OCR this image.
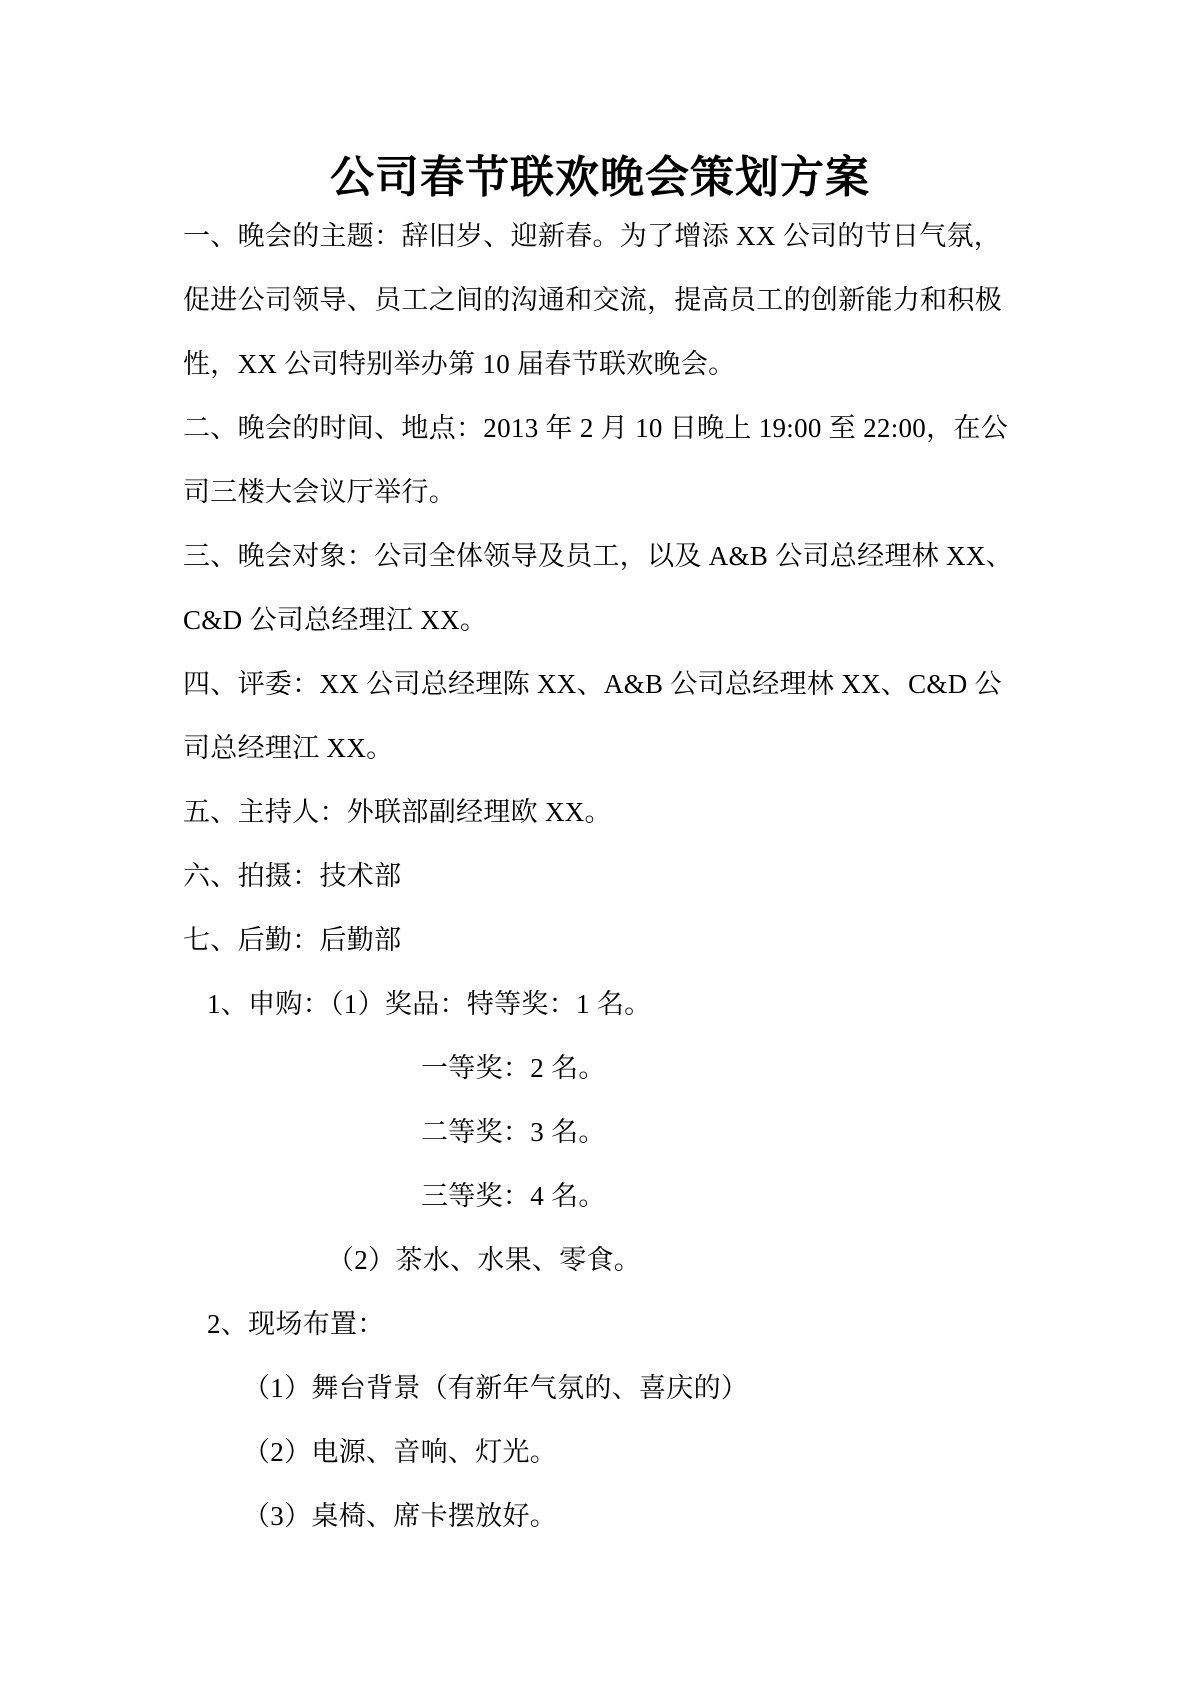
公司春节联欢晚会策划方案
一、晚会的主题：辞旧岁、迎新春。为了增添 XX 公司的节日气氛，
促进公司领导、员工之间的沟通和交流，提高员工的创新能力和积极
性，XX 公司特别举办第 10 届春节联欢晚会。
二、晚会的时间、地点：2013 年 2 月 10 日晚上 19:00 至 22:00，在公
司三楼大会议厅举行。
三、晚会对象：公司全体领导及员工，以及 A&B 公司总经理林 XX、
C&D 公司总经理江 XX。
四、评委：XX 公司总经理陈 XX、A&B 公司总经理林 XX、C&D 公
司总经理江 XX。
五、主持人：外联部副经理欧 XX。
六、拍摄：技术部
七、后勤：后勤部
1、申购：（1）奖品：特等奖：1 名。
一等奖：2 名。
二等奖：3 名。
三等奖：4 名。
（2）茶水、水果、零食。
2、现场布置：
（1）舞台背景（有新年气氛的、喜庆的）
（2）电源、音响、灯光。
（3）桌椅、席卡摆放好。
